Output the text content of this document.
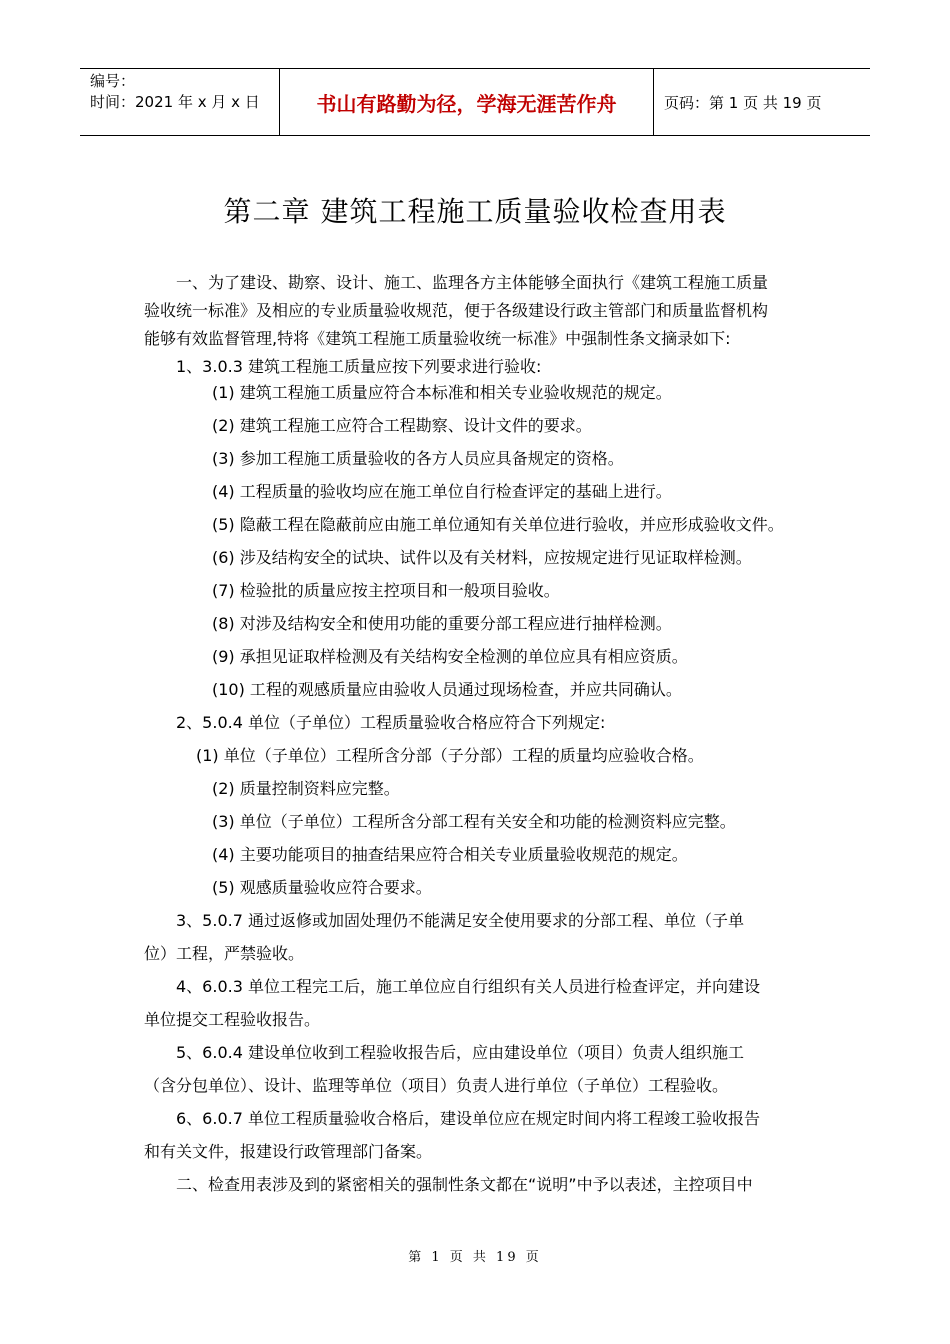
编号：
时间：2021 年 x 月 x 日	书山有路勤为径，学海无涯苦作舟	页码：第 1 页 共 19 页
第二章 建筑工程施工质量验收检查用表
一、为了建设、勘察、设计、施工、监理各方主体能够全面执行《建筑工程施工质量
验收统一标准》及相应的专业质量验收规范，便于各级建设行政主管部门和质量监督机构
能够有效监督管理,特将《建筑工程施工质量验收统一标准》中强制性条文摘录如下:
1、3.0.3 建筑工程施工质量应按下列要求进行验收:
(1) 建筑工程施工质量应符合本标准和相关专业验收规范的规定。
(2) 建筑工程施工应符合工程勘察、设计文件的要求。
(3) 参加工程施工质量验收的各方人员应具备规定的资格。
(4) 工程质量的验收均应在施工单位自行检查评定的基础上进行。
(5) 隐蔽工程在隐蔽前应由施工单位通知有关单位进行验收，并应形成验收文件。
(6) 涉及结构安全的试块、试件以及有关材料，应按规定进行见证取样检测。
(7) 检验批的质量应按主控项目和一般项目验收。
(8) 对涉及结构安全和使用功能的重要分部工程应进行抽样检测。
(9) 承担见证取样检测及有关结构安全检测的单位应具有相应资质。
(10) 工程的观感质量应由验收人员通过现场检查，并应共同确认。
2、5.0.4 单位（子单位）工程质量验收合格应符合下列规定:
(1) 单位（子单位）工程所含分部（子分部）工程的质量均应验收合格。
(2) 质量控制资料应完整。
(3) 单位（子单位）工程所含分部工程有关安全和功能的检测资料应完整。
(4) 主要功能项目的抽查结果应符合相关专业质量验收规范的规定。
(5) 观感质量验收应符合要求。
3、5.0.7 通过返修或加固处理仍不能满足安全使用要求的分部工程、单位（子单
位）工程，严禁验收。
4、6.0.3 单位工程完工后，施工单位应自行组织有关人员进行检查评定，并向建设
单位提交工程验收报告。
5、6.0.4 建设单位收到工程验收报告后，应由建设单位（项目）负责人组织施工
（含分包单位）、设计、监理等单位（项目）负责人进行单位（子单位）工程验收。
6、6.0.7 单位工程质量验收合格后，建设单位应在规定时间内将工程竣工验收报告
和有关文件，报建设行政管理部门备案。
二、检查用表涉及到的紧密相关的强制性条文都在“说明”中予以表述，主控项目中
第 1 页 共 19 页
